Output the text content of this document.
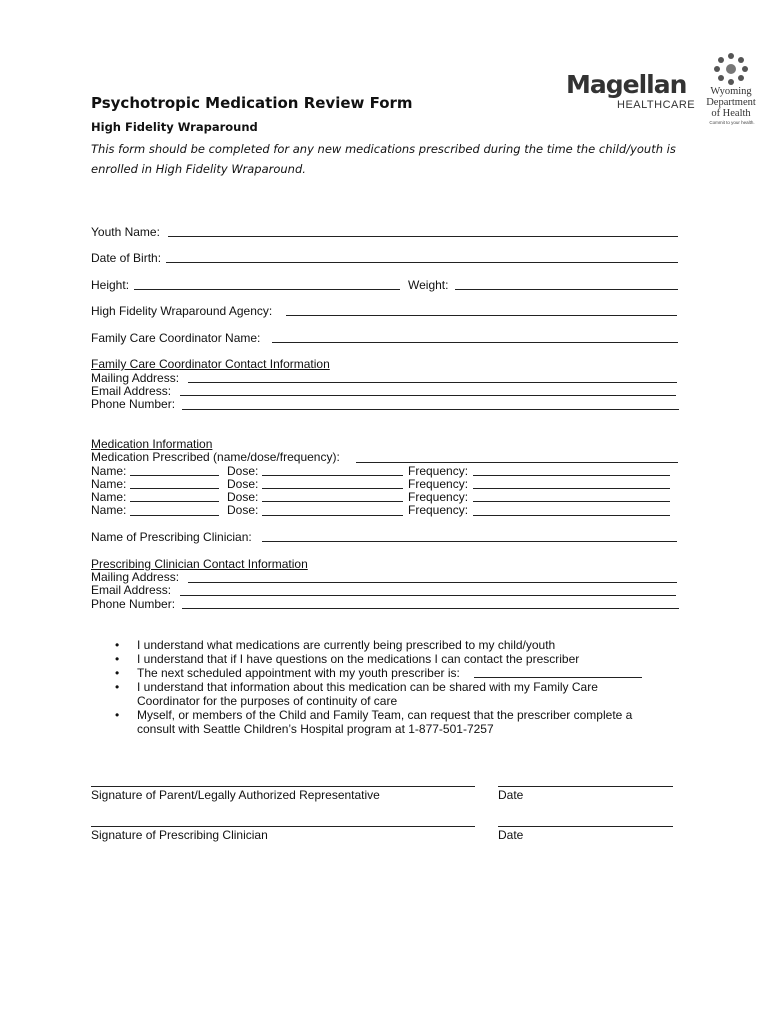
Magellan
HEALTHCARE
Wyoming
Department
of Health
Commit to your health.
Psychotropic Medication Review Form
High Fidelity Wraparound
This form should be completed for any new medications prescribed during the time the child/youth is
enrolled in High Fidelity Wraparound.
Youth Name:
Date of Birth:
Height:	Weight:
High Fidelity Wraparound Agency:
Family Care Coordinator Name:
Family Care Coordinator Contact Information
Mailing Address:
Email Address:
Phone Number:
Medication Information
Medication Prescribed (name/dose/frequency):
Name:	Dose:	Frequency:
Name:	Dose:	Frequency:
Name:	Dose:	Frequency:
Name:	Dose:	Frequency:
Name of Prescribing Clinician:
Prescribing Clinician Contact Information
Mailing Address:
Email Address:
Phone Number:
• I understand what medications are currently being prescribed to my child/youth
• I understand that if I have questions on the medications I can contact the prescriber
• The next scheduled appointment with my youth prescriber is:
• I understand that information about this medication can be shared with my Family Care
Coordinator for the purposes of continuity of care
• Myself, or members of the Child and Family Team, can request that the prescriber complete a
consult with Seattle Children’s Hospital program at 1-877-501-7257
Signature of Parent/Legally Authorized Representative	Date
Signature of Prescribing Clinician	Date
